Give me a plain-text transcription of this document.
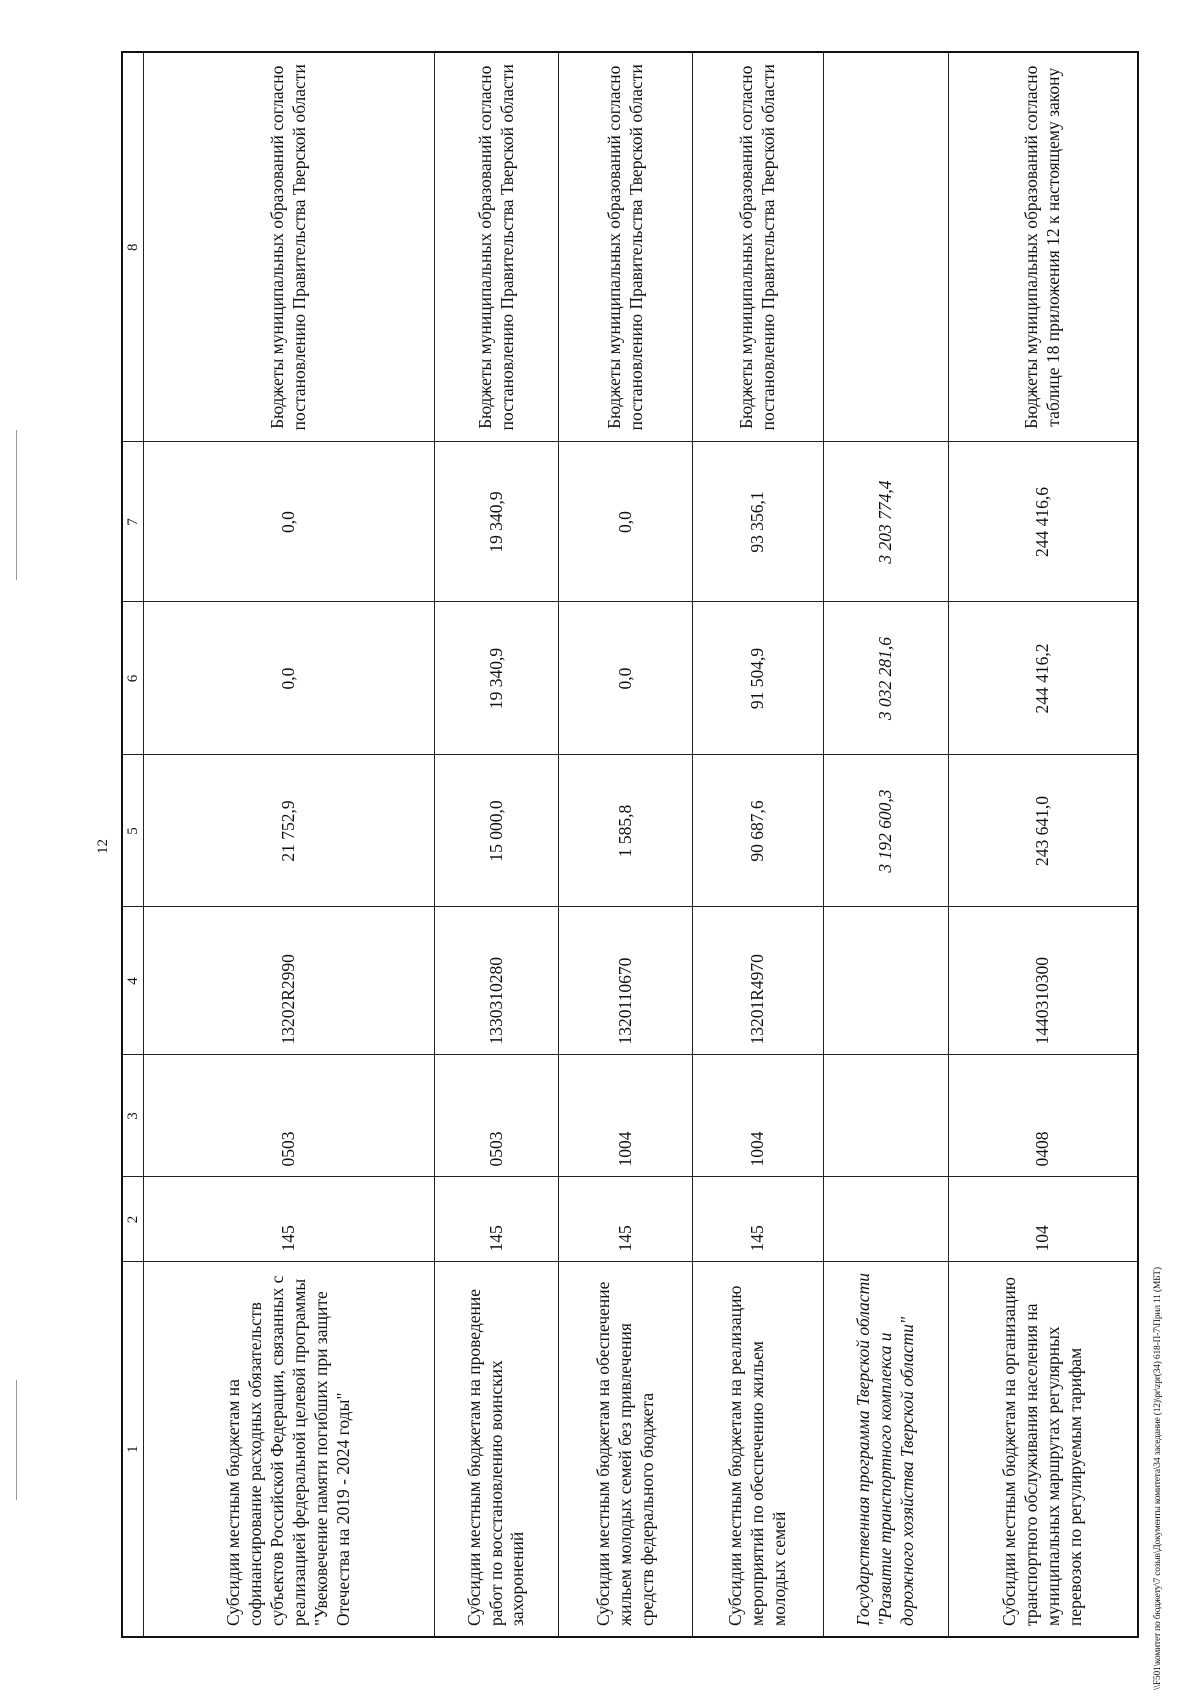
12
1	2	3	4	5	6	7	8
Субсидии местным бюджетам на софинансирование расходных обязательств субъектов Российской Федерации, связанных с реализацией федеральной целевой программы "Увековечение памяти погибших при защите Отечества на 2019 - 2024 годы"	145	0503	13202R2990	21 752,9	0,0	0,0	Бюджеты муниципальных образований согласно постановлению Правительства Тверской области
Субсидии местным бюджетам на проведение работ по восстановлению воинских захоронений	145	0503	1330310280	15 000,0	19 340,9	19 340,9	Бюджеты муниципальных образований согласно постановлению Правительства Тверской области
Субсидии местным бюджетам на обеспечение жильем молодых семей без привлечения средств федерального бюджета	145	1004	1320110670	1 585,8	0,0	0,0	Бюджеты муниципальных образований согласно постановлению Правительства Тверской области
Субсидии местным бюджетам на реализацию мероприятий по обеспечению жильем молодых семей	145	1004	13201R4970	90 687,6	91 504,9	93 356,1	Бюджеты муниципальных образований согласно постановлению Правительства Тверской области
Государственная программа Тверской области "Развитие транспортного комплекса и дорожного хозяйства Тверской области"				3 192 600,3	3 032 281,6	3 203 774,4	
Субсидии местным бюджетам на организацию транспортного обслуживания населения на муниципальных маршрутах регулярных перевозок по регулируемым тарифам	104	0408	1440310300	243 641,0	244 416,2	244 416,6	Бюджеты муниципальных образований согласно таблице 18 приложения 12 к настоящему закону
\\F501\комитет по бюджету\7 созыв\Документы комитета\34 заседание (12)\pr\zpr(34) 618-П-7\Прил 11 (МБТ)
